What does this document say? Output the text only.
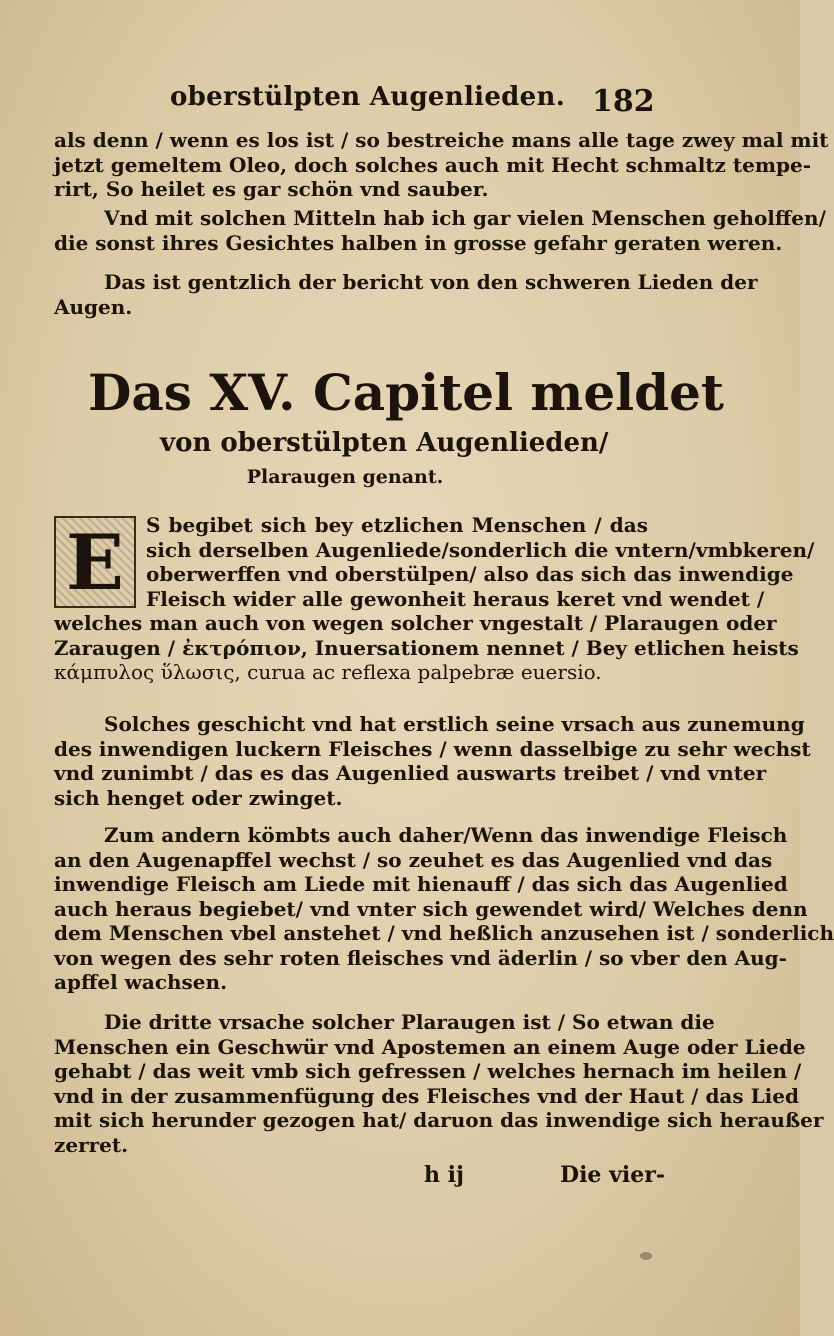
oberstülpten Augenlieden. 182
als denn / wenn es los ist / so bestreiche mans alle tage zwey mal mit
jetzt gemeltem Oleo, doch solches auch mit Hecht schmaltz tempe-
rirt, So heilet es gar schön vnd sauber.
Vnd mit solchen Mitteln hab ich gar vielen Menschen geholffen/
die sonst ihres Gesichtes halben in grosse gefahr geraten weren.
Das ist gentzlich der bericht von den schweren Lieden der
Augen.
Das XV. Capitel meldet
von oberstülpten Augenlieden/
Plaraugen genant.
E	S begibet sich bey etzlichen Menschen / das
sich derselben Augenliede/sonderlich die vntern/vmbkeren/
oberwerffen vnd oberstülpen/ also das sich das inwendige
Fleisch wider alle gewonheit heraus keret vnd wendet /
welches man auch von wegen solcher vngestalt / Plaraugen oder
Zaraugen / ἐκτρόπιον, Inuersationem nennet / Bey etlichen heists
κάμπυλος ὕλωσις, curua ac reflexa palpebræ euersio.
Solches geschicht vnd hat erstlich seine vrsach aus zunemung
des inwendigen luckern Fleisches / wenn dasselbige zu sehr wechst
vnd zunimbt / das es das Augenlied auswarts treibet / vnd vnter
sich henget oder zwinget.
Zum andern kömbts auch daher/Wenn das inwendige Fleisch
an den Augenapffel wechst / so zeuhet es das Augenlied vnd das
inwendige Fleisch am Liede mit hienauff / das sich das Augenlied
auch heraus begiebet/ vnd vnter sich gewendet wird/ Welches denn
dem Menschen vbel anstehet / vnd heßlich anzusehen ist / sonderlich
von wegen des sehr roten fleisches vnd äderlin / so vber den Aug-
apffel wachsen.
Die dritte vrsache solcher Plaraugen ist / So etwan die
Menschen ein Geschwür vnd Apostemen an einem Auge oder Liede
gehabt / das weit vmb sich gefressen / welches hernach im heilen /
vnd in der zusammenfügung des Fleisches vnd der Haut / das Lied
mit sich herunder gezogen hat/ daruon das inwendige sich heraußer
zerret.
h ij	Die vier-
